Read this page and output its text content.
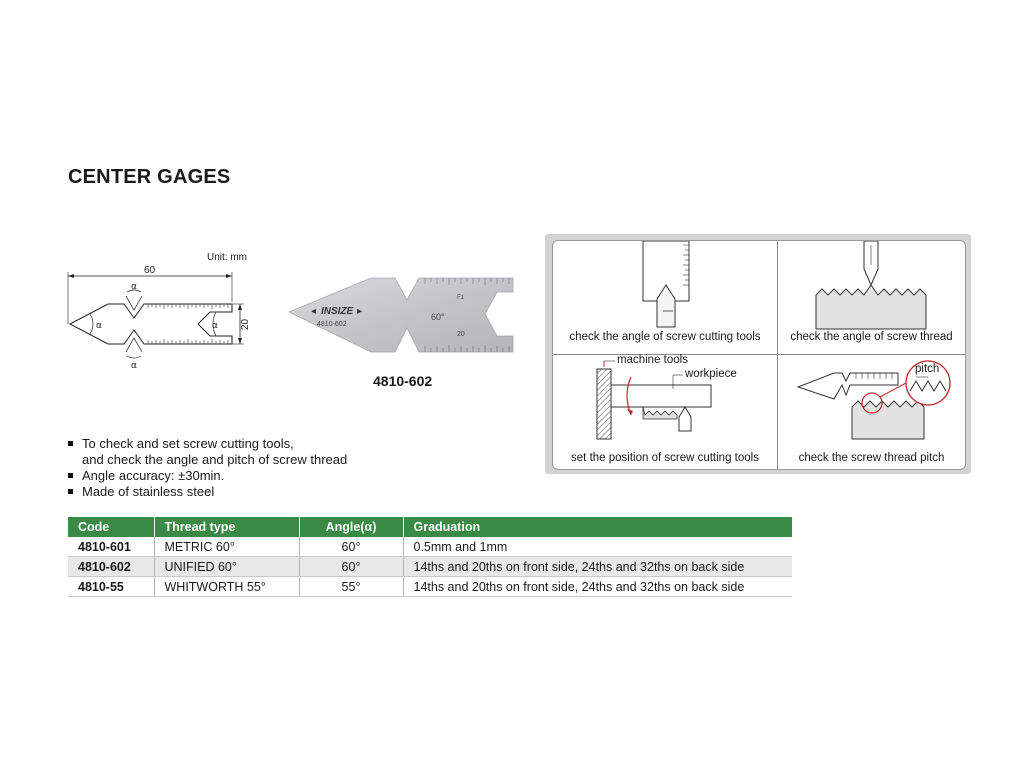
CENTER GAGES
Unit: mm
60
α
α
α	α 20
INSIZE
◂	▸
4810-602
60°
20
F1
4810-602
To check and set screw cutting tools,
and check the angle and pitch of screw thread
Angle accuracy: ±30min.
Made of stainless steel
check the angle of screw cutting tools	check the angle of screw thread
machine tools
workpiece
set the position of screw cutting tools
pitch
check the screw thread pitch
Code	Thread type	Angle(α)	Graduation
4810-601	METRIC 60°	60°	0.5mm and 1mm
4810-602	UNIFIED 60°	60°	14ths and 20ths on front side, 24ths and 32ths on back side
4810-55	WHITWORTH 55°	55°	14ths and 20ths on front side, 24ths and 32ths on back side
